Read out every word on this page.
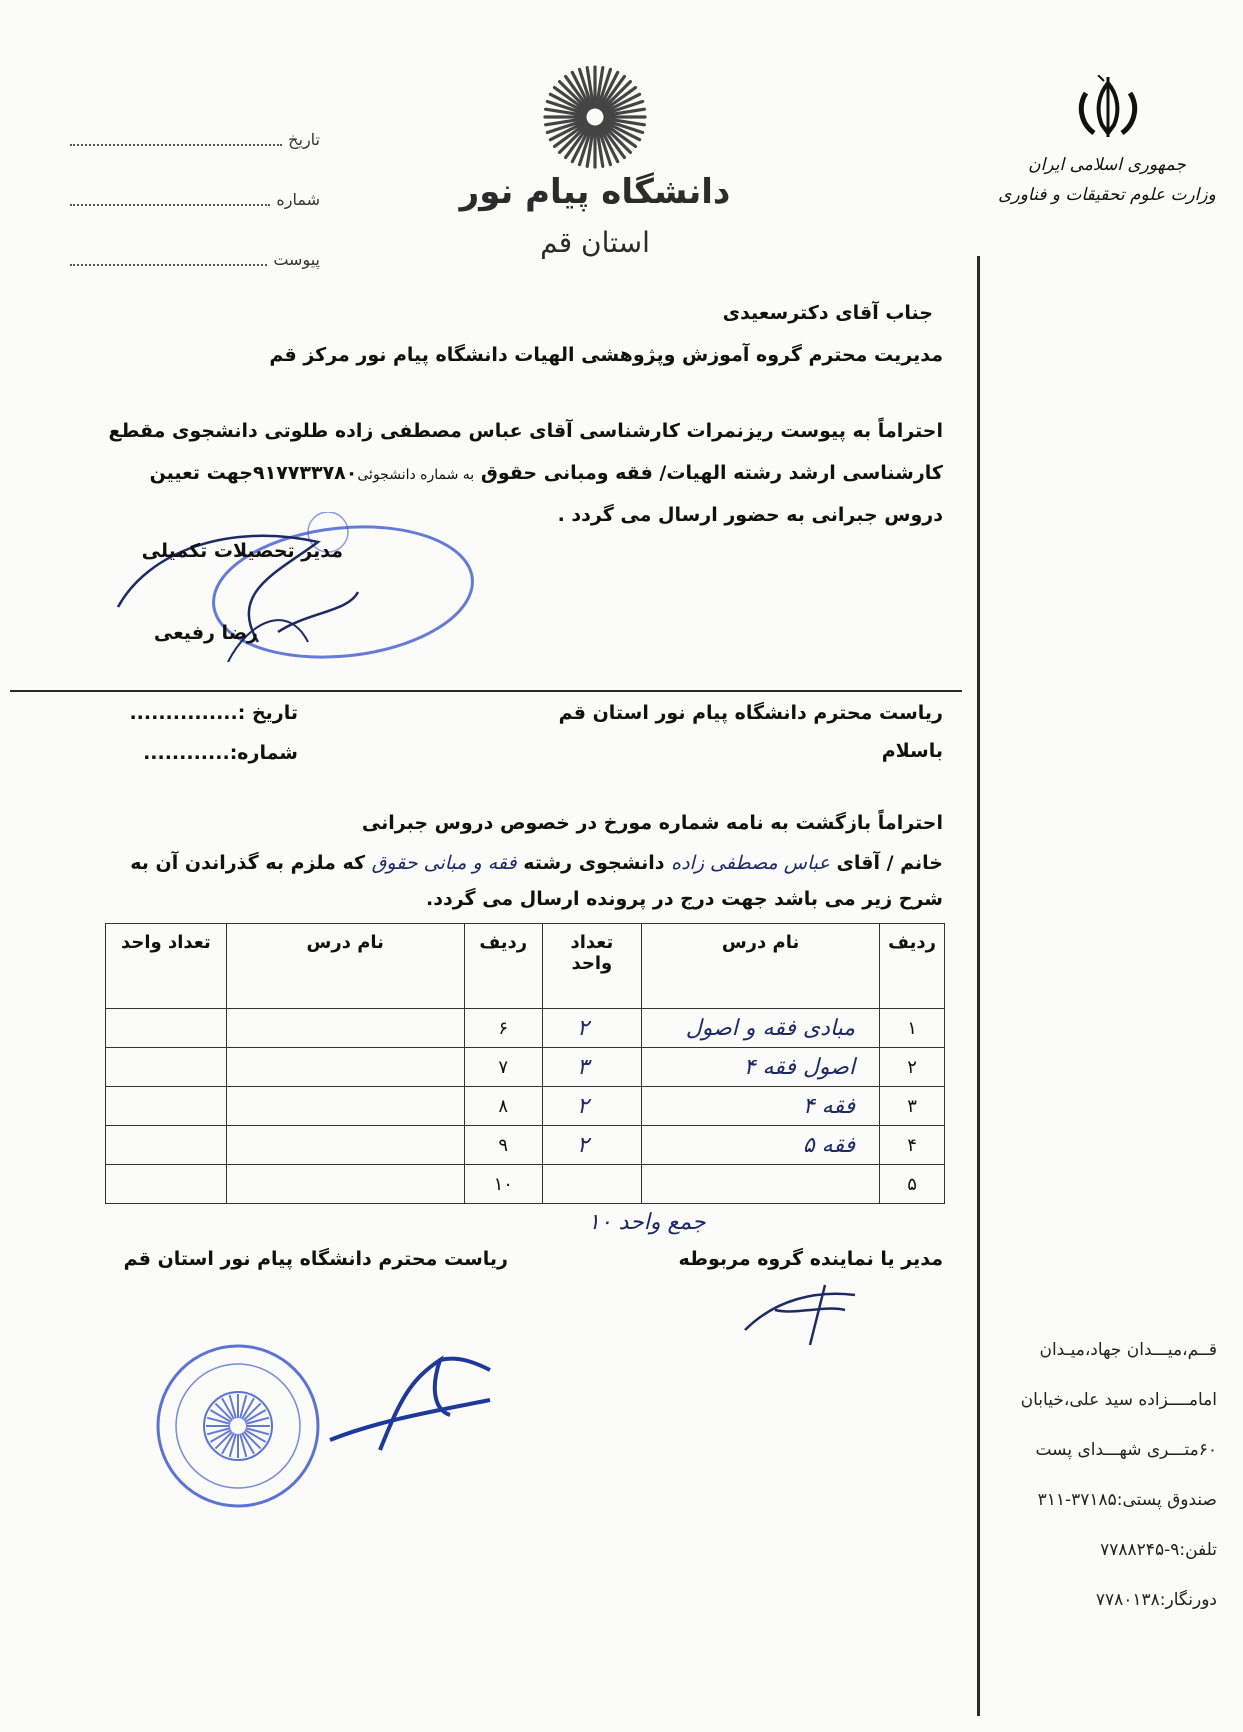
جمهوری اسلامی ایران
وزارت علوم تحقیقات و فناوری
دانشگاه پیام نور
استان قم
تاریخ
شماره
پیوست
جناب آقای دکترسعیدی
مدیریت محترم گروه آموزش وپژوهشی الهیات دانشگاه پیام نور مرکز قم
احتراماً به پیوست ریزنمرات کارشناسی آقای عباس مصطفی زاده طلوتی دانشجوی مقطع
کارشناسی ارشد رشته الهیات/ فقه ومبانی حقوق به شماره دانشجوئی۹۱۷۷۳۳۷۸۰جهت تعیین
دروس جبرانی به حضور ارسال می گردد .
مدیر تحصیلات تکمیلی
رضا رفیعی
ریاست محترم دانشگاه پیام نور استان قم
باسلام
تاریخ :...............
شماره:............
احتراماً بازگشت به نامه شماره مورخ در خصوص دروس جبرانی
خانم / آقای عباس مصطفی زاده دانشجوی رشته فقه و مبانی حقوق که ملزم به گذراندن آن به
شرح زیر می باشد جهت درج در پرونده ارسال می گردد.
ردیف	نام درس	تعداد واحد	ردیف	نام درس	تعداد واحد
۱	مبادی فقه و اصول	۲	۶		
۲	اصول فقه ۴	۳	۷		
۳	فقه ۴	۲	۸		
۴	فقه ۵	۲	۹		
۵			۱۰		
جمع واحد ۱۰
مدیر یا نماینده گروه مربوطه
ریاست محترم دانشگاه پیام نور استان قم
قــم،میـــدان جهاد،میـدان
امامــــزاده سید علی،خیابان
۶۰متـــری شهـــدای پست
صندوق پستی:۳۷۱۸۵-۳۱۱
تلفن:۹-۷۷۸۸۲۴۵
دورنگار:۷۷۸۰۱۳۸
